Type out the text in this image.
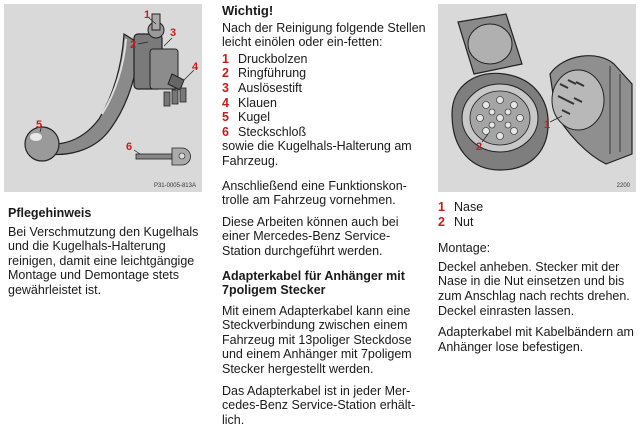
1
2
3
4
5
6
P31-0005-813A
Pflegehinweis

Bei Verschmutzung den Kugelhals und die Kugelhals-Halterung reinigen, damit eine leichtgängige Montage und Demontage stets gewährleistet ist.

Wichtig!

Nach der Reinigung folgende Stellen leicht einölen oder ein-fetten:

1 Druckbolzen
2 Ringführung
3 Auslösestift
4 Klauen
5 Kugel
6 Steckschloß

sowie die Kugelhals-Halterung am Fahrzeug.

Anschließend eine Funktionskon-trolle am Fahrzeug vornehmen.

Diese Arbeiten können auch bei einer Mercedes-Benz Service-Station durchgeführt werden.

Adapterkabel für Anhänger mit 7poligem Stecker

Mit einem Adapterkabel kann eine Steckverbindung zwischen einem Fahrzeug mit 13poliger Steckdose und einem Anhänger mit 7poligem Stecker hergestellt werden.

Das Adapterkabel ist in jeder Mer-cedes-Benz Service-Station erhält-lich.

1
2
2200
1 Nase
2 Nut

Montage:

Deckel anheben. Stecker mit der Nase in die Nut einsetzen und bis zum Anschlag nach rechts drehen. Deckel einrasten lassen.

Adapterkabel mit Kabelbändern am Anhänger lose befestigen.
